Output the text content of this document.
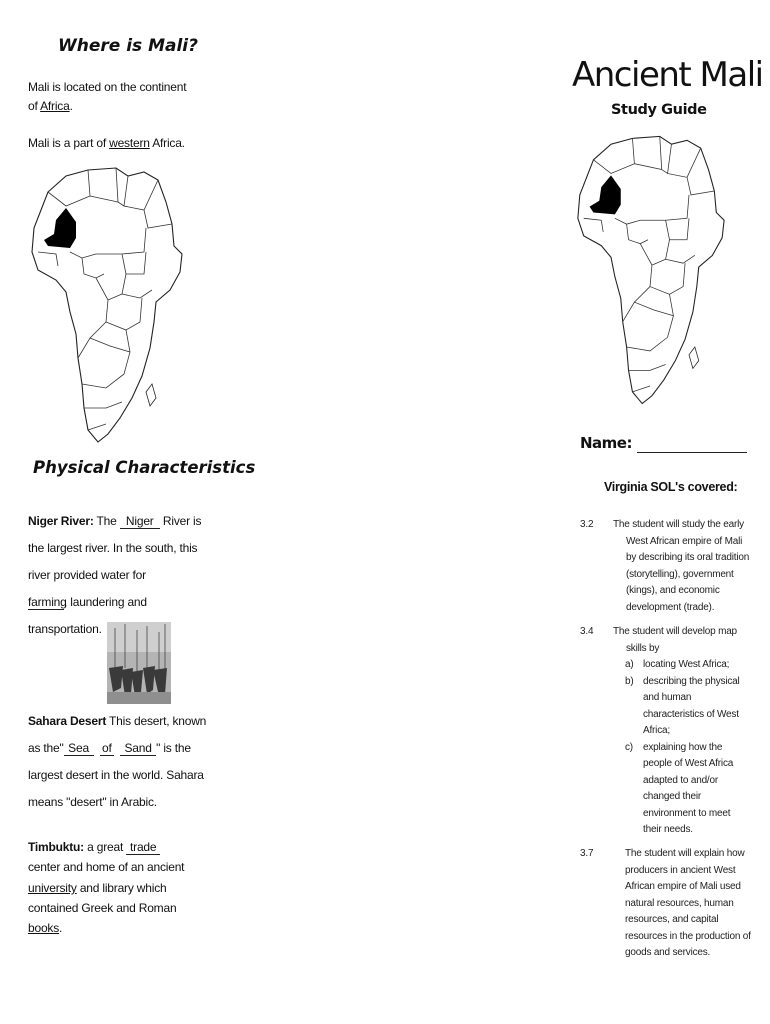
Where is Mali?
Mali is located on the continent
of Africa.
Mali is a part of western Africa.
Physical Characteristics
Niger River: The Niger River is
the largest river. In the south, this
river provided water for
farming, laundering and
transportation.
Sahara Desert This desert, known
as the" Sea of Sand " is the
largest desert in the world. Sahara
means "desert" in Arabic.
Timbuktu: a great trade
center and home of an ancient
university and library which
contained Greek and Roman
books.
Ancient Mali
Study Guide
Name:
Virginia SOL's covered:
3.2 The student will study the early
West African empire of Mali
by describing its oral tradition
(storytelling), government
(kings), and economic
development (trade).
3.4 The student will develop map
skills by
a) locating West Africa;
b) describing the physical
and human
characteristics of West
Africa;
c) explaining how the
people of West Africa
adapted to and/or
changed their
environment to meet
their needs.
3.7	The student will explain how
producers in ancient West
African empire of Mali used
natural resources, human
resources, and capital
resources in the production of
goods and services.
